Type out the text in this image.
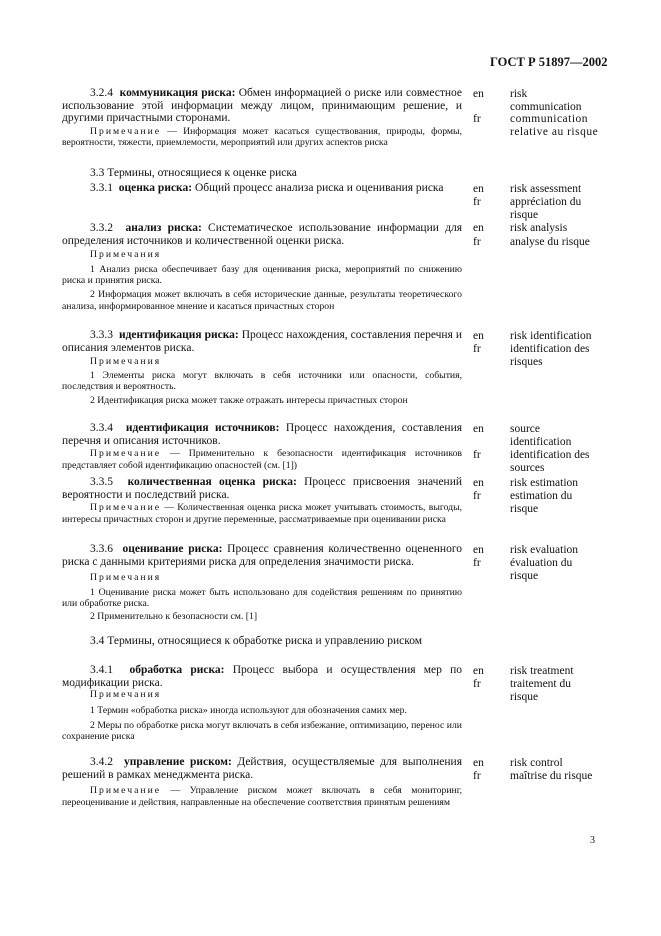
ГОСТ Р 51897—2002

3.2.4 коммуникация риска: Обмен информацией о риске или совместное использование этой информации между лицом, принимающим решение, и другими причастными сторонами.

Примечание — Информация может касаться существования, природы, формы, вероятности, тяжести, приемлемости, мероприятий или других аспектов риска

en risk communication
fr	communication relative au risque

3.3 Термины, относящиеся к оценке риска

3.3.1 оценка риска: Общий процесс анализа риска и оценивания риска	en risk assessment
fr	appréciation du risque

3.3.2 анализ риска: Систематическое использование информации для определения источников и количественной оценки риска.

Примечания

1 Анализ риска обеспечивает базу для оценивания риска, мероприятий по снижению риска и принятия риска.

2 Информация может включать в себя исторические данные, результаты теоретического анализа, информированное мнение и касаться причастных сторон

en risk analysis
fr	analyse du risque

3.3.3 идентификация риска: Процесс нахождения, составления перечня и описания элементов риска.

Примечания

1 Элементы риска могут включать в себя источники или опасности, события, последствия и вероятность.

2 Идентификация риска может также отражать интересы причастных сторон

en risk identification
fr	identification des risques

3.3.4 идентификация источников: Процесс нахождения, составления перечня и описания источников.

Примечание — Применительно к безопасности идентификация источников представляет собой идентификацию опасностей (см. [1])

en source identification
fr	identification des sources

3.3.5 количественная оценка риска: Процесс присвоения значений вероятности и последствий риска.

Примечание — Количественная оценка риска может учитывать стоимость, выгоды, интересы причастных сторон и другие переменные, рассматриваемые при оценивании риска

en risk estimation
fr	estimation du risque

3.3.6 оценивание риска: Процесс сравнения количественно оцененного риска с данными критериями риска для определения значимости риска.

Примечания

1 Оценивание риска может быть использовано для содействия решениям по принятию или обработке риска.

2 Применительно к безопасности см. [1]

en risk evaluation
fr	évaluation du risque

3.4 Термины, относящиеся к обработке риска и управлению риском

3.4.1 обработка риска: Процесс выбора и осуществления мер по модификации риска.

Примечания

1 Термин «обработка риска» иногда используют для обозначения самих мер.

2 Меры по обработке риска могут включать в себя избежание, оптимизацию, перенос или сохранение риска

en risk treatment
fr	traitement du risque

3.4.2 управление риском: Действия, осуществляемые для выполнения решений в рамках менеджмента риска.

Примечание — Управление риском может включать в себя мониторинг, переоценивание и действия, направленные на обеспечение соответствия принятым решениям

en risk control
fr	maîtrise du risque
3
